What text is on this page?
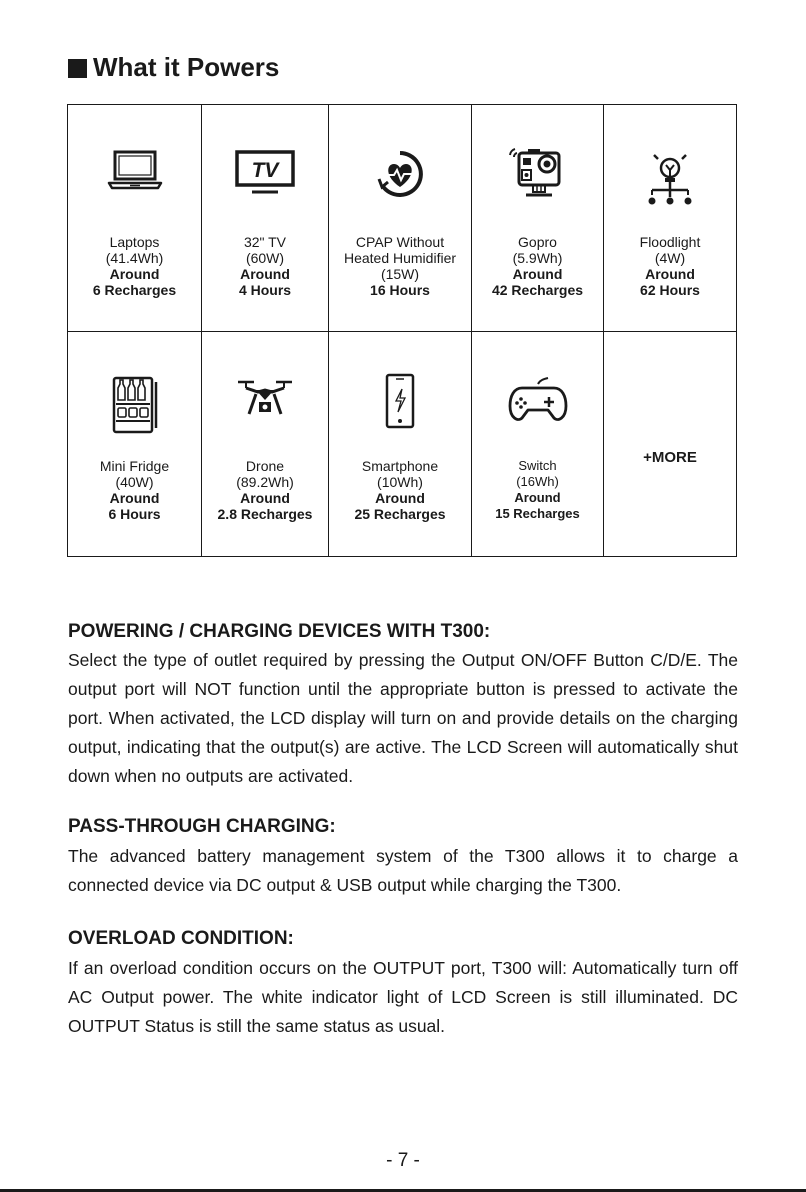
What it Powers
Laptops
(41.4Wh)
Around
6 Recharges
TV
32" TV
(60W)
Around
4 Hours
CPAP Without
Heated Humidifier
(15W)
16 Hours
Gopro
(5.9Wh)
Around
42 Recharges
Floodlight
(4W)
Around
62 Hours
Mini Fridge
(40W)
Around
6 Hours
Drone
(89.2Wh)
Around
2.8 Recharges
Smartphone
(10Wh)
Around
25 Recharges
Switch
(16Wh)
Around
15 Recharges
+MORE
POWERING / CHARGING DEVICES WITH T300:

Select the type of outlet required by pressing the Output ON/OFF Button C/D/E. The output port will NOT function until the appropriate button is pressed to activate the port. When activated, the LCD display will turn on and provide details on the charging output, indicating that the output(s) are active. The LCD Screen will automatically shut down when no outputs are activated.

PASS-THROUGH CHARGING:

The advanced battery management system of the T300 allows it to charge a connected device via DC output & USB output while charging the T300.

OVERLOAD CONDITION:

If an overload condition occurs on the OUTPUT port, T300 will: Automatically turn off AC Output power. The white indicator light of LCD Screen is still illuminated. DC OUTPUT Status is still the same status as usual.

- 7 -
